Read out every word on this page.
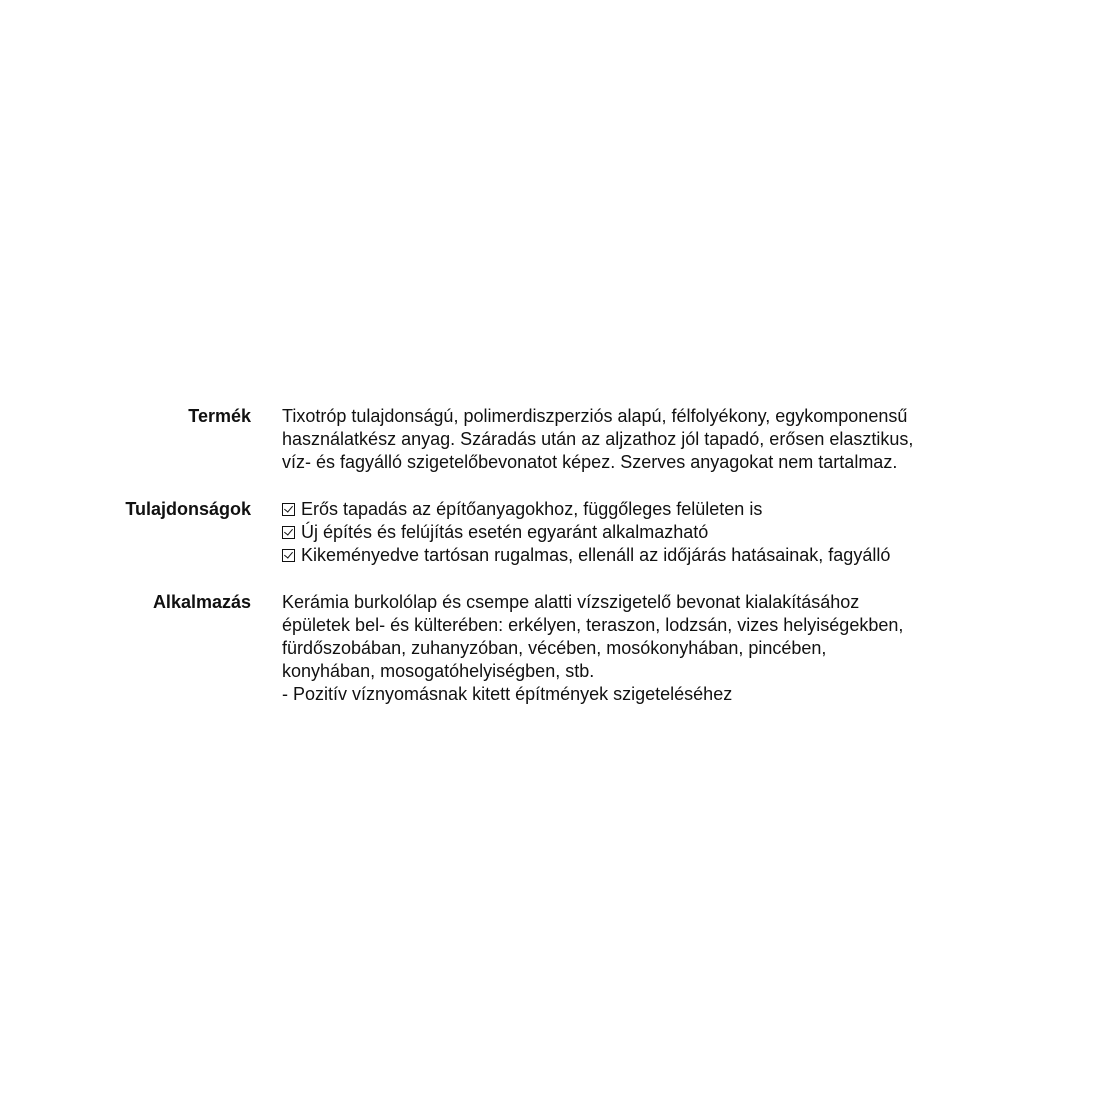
Termék Tixotróp tulajdonságú, polimerdiszperziós alapú, félfolyékony, egykomponensű
használatkész anyag. Száradás után az aljzathoz jól tapadó, erősen elasztikus,
víz- és fagyálló szigetelőbevonatot képez. Szerves anyagokat nem tartalmaz.
Tulajdonságok	Erős tapadás az építőanyagokhoz, függőleges felületen is
Új építés és felújítás esetén egyaránt alkalmazható
Kikeményedve tartósan rugalmas, ellenáll az időjárás hatásainak, fagyálló
Alkalmazás Kerámia burkolólap és csempe alatti vízszigetelő bevonat kialakításához
épületek bel- és külterében: erkélyen, teraszon, lodzsán, vizes helyiségekben,
fürdőszobában, zuhanyzóban, vécében, mosókonyhában, pincében,
konyhában, mosogatóhelyiségben, stb.
- Pozitív víznyomásnak kitett építmények szigeteléséhez
